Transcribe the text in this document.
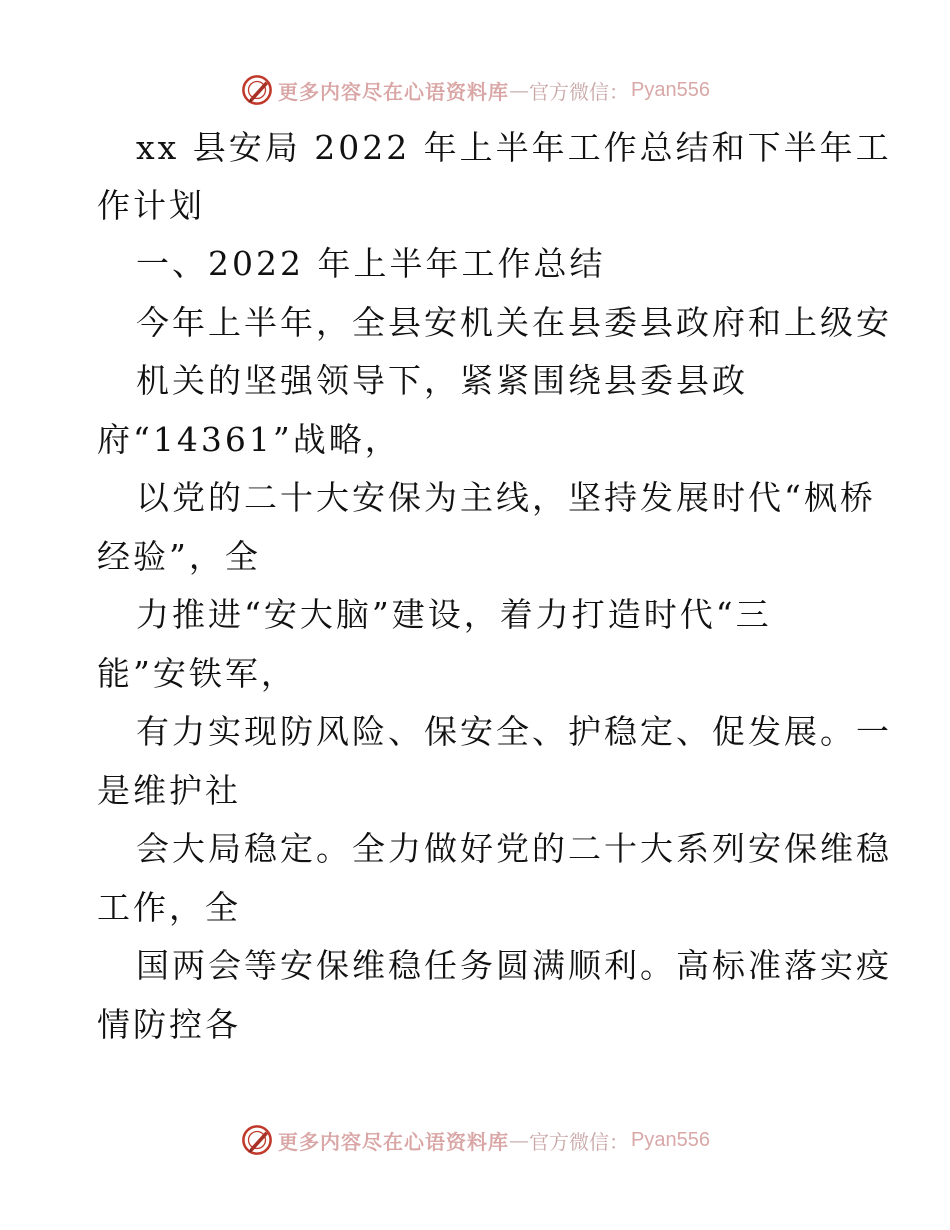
更多内容尽在心语资料库 — 官方微信 ： Pyan556
xx 县安局 2022 年上半年工作总结和下半年工
作计划
一、2022 年上半年工作总结
今年上半年，全县安机关在县委县政府和上级安
机关的坚强领导下，紧紧围绕县委县政
府“14361”战略，
以党的二十大安保为主线，坚持发展时代“枫桥
经验”，全
力推进“安大脑”建设，着力打造时代“三
能”安铁军，
有力实现防风险、保安全、护稳定、促发展。一
是维护社
会大局稳定。全力做好党的二十大系列安保维稳
工作，全
国两会等安保维稳任务圆满顺利。高标准落实疫
情防控各
更多内容尽在心语资料库 — 官方微信 ： Pyan556
